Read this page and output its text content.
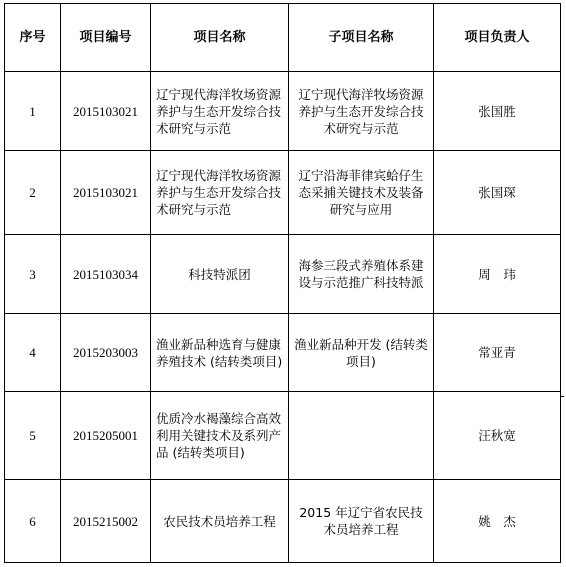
序号	项目编号	项目名称	子项目名称	项目负责人
1	2015103021	辽宁现代海洋牧场资源养护与生态开发综合技术研究与示范	辽宁现代海洋牧场资源养护与生态开发综合技术研究与示范	张国胜
2	2015103021	辽宁现代海洋牧场资源养护与生态开发综合技术研究与示范	辽宁沿海菲律宾蛤仔生态采捕关键技术及装备研究与应用	张国琛
3	2015103034	科技特派团	海参三段式养殖体系建设与示范推广科技特派	周　玮
4	2015203003	渔业新品种选育与健康养殖技术 (结转类项目)	渔业新品种开发 (结转类项目)	常亚青
5	2015205001	优质冷水褐藻综合高效利用关键技术及系列产品 (结转类项目)		汪秋宽
6	2015215002	农民技术员培养工程	2015 年辽宁省农民技术员培养工程	姚　杰
